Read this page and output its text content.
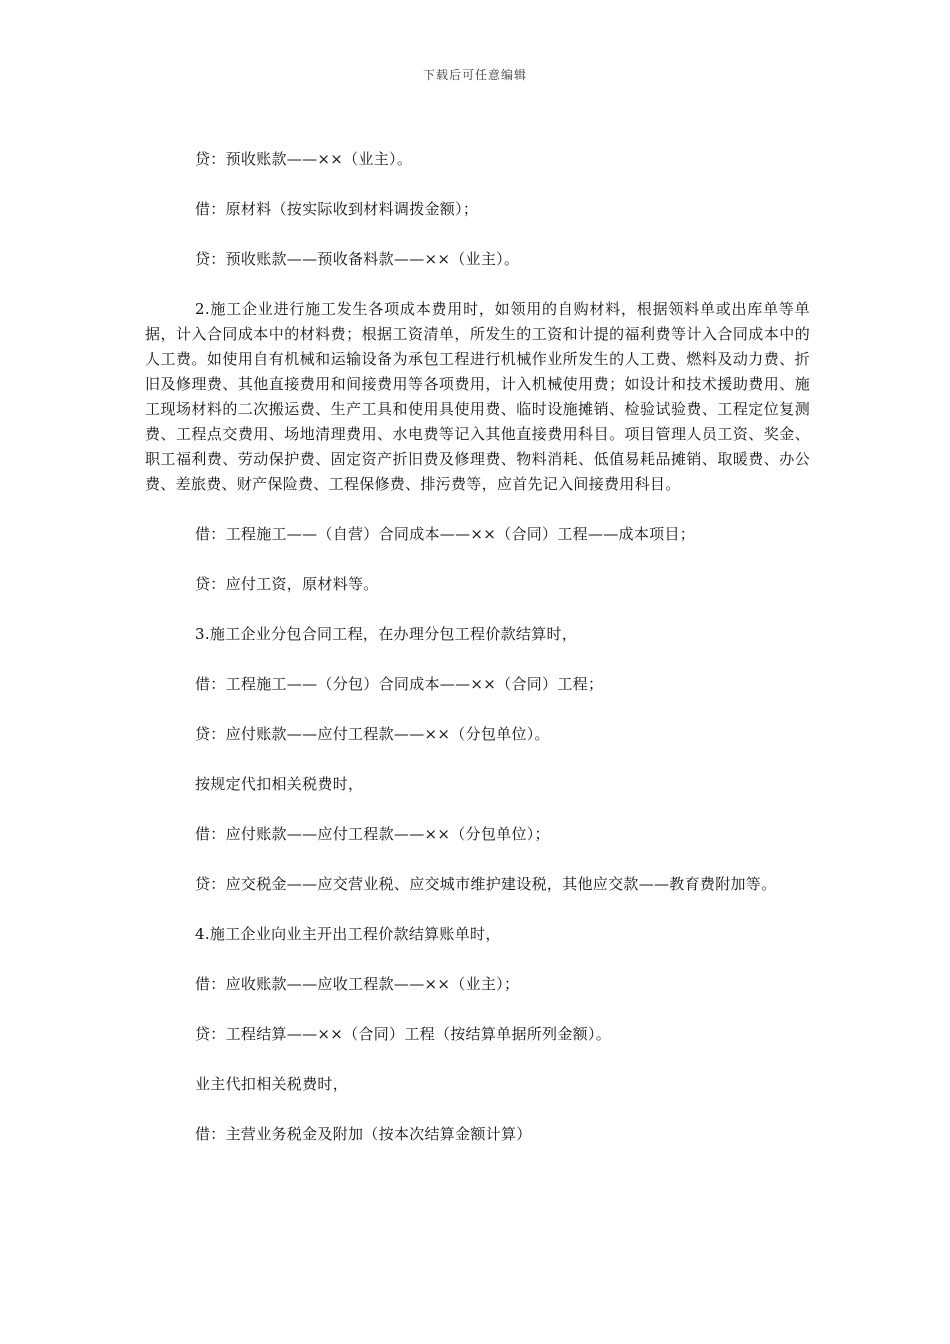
下载后可任意编辑

贷：预收账款——××（业主）。

借：原材料（按实际收到材料调拨金额）；

贷：预收账款——预收备料款——××（业主）。

2.施工企业进行施工发生各项成本费用时，如领用的自购材料，根据领料单或出库单等单据，计入合同成本中的材料费；根据工资清单，所发生的工资和计提的福利费等计入合同成本中的人工费。如使用自有机械和运输设备为承包工程进行机械作业所发生的人工费、燃料及动力费、折旧及修理费、其他直接费用和间接费用等各项费用，计入机械使用费；如设计和技术援助费用、施工现场材料的二次搬运费、生产工具和使用具使用费、临时设施摊销、检验试验费、工程定位复测费、工程点交费用、场地清理费用、水电费等记入其他直接费用科目。项目管理人员工资、奖金、职工福利费、劳动保护费、固定资产折旧费及修理费、物料消耗、低值易耗品摊销、取暖费、办公费、差旅费、财产保险费、工程保修费、排污费等，应首先记入间接费用科目。

借：工程施工——（自营）合同成本——××（合同）工程——成本项目；

贷：应付工资，原材料等。

3.施工企业分包合同工程，在办理分包工程价款结算时，

借：工程施工——（分包）合同成本——××（合同）工程；

贷：应付账款——应付工程款——××（分包单位）。

按规定代扣相关税费时，

借：应付账款——应付工程款——××（分包单位）；

贷：应交税金——应交营业税、应交城市维护建设税，其他应交款——教育费附加等。

4.施工企业向业主开出工程价款结算账单时，

借：应收账款——应收工程款——××（业主）；

贷：工程结算——××（合同）工程（按结算单据所列金额）。

业主代扣相关税费时，

借：主营业务税金及附加（按本次结算金额计算）
